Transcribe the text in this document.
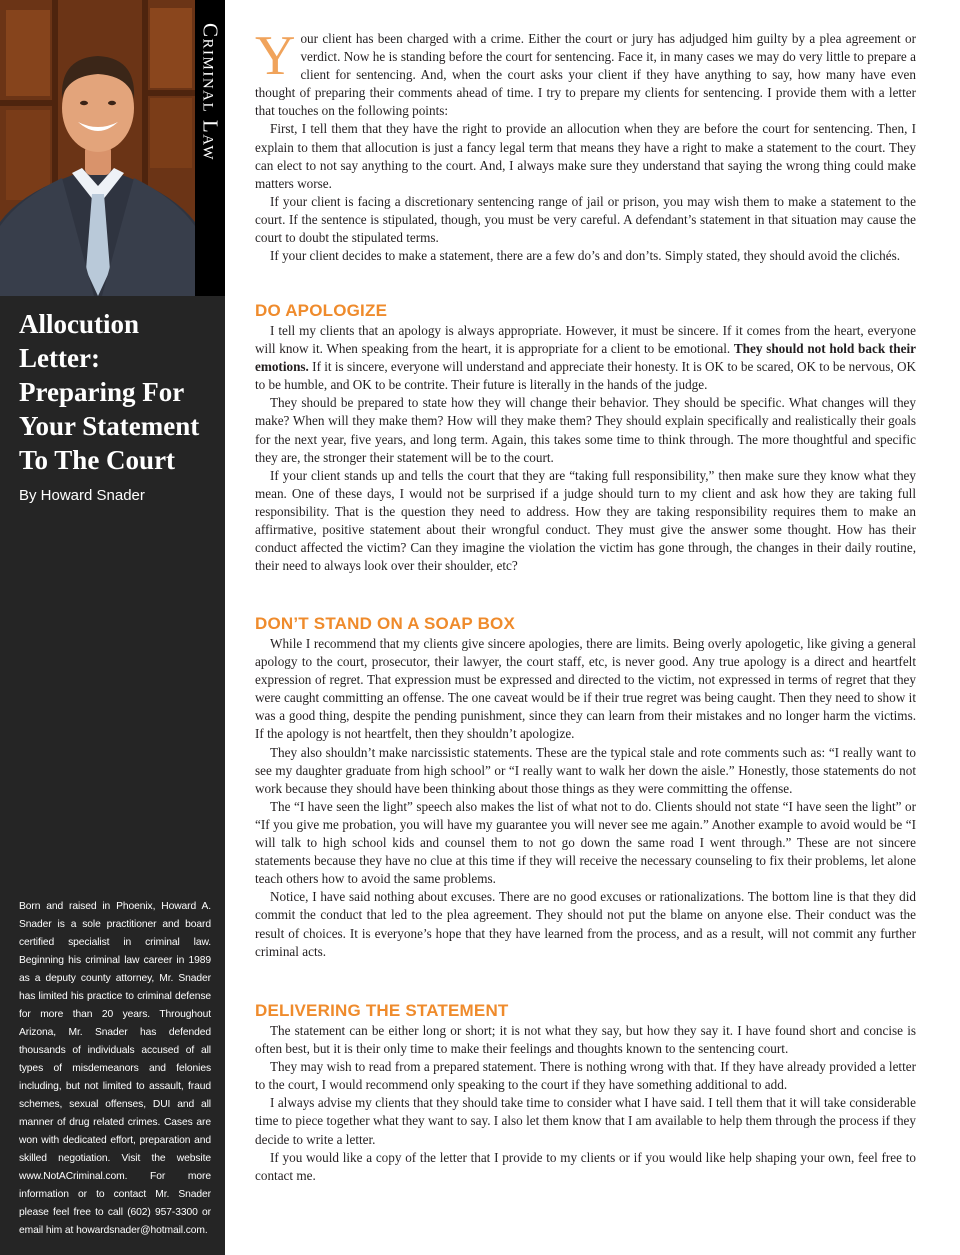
Criminal Law
Allocution Letter: Preparing For Your Statement To The Court
By Howard Snader
Born and raised in Phoenix, Howard A. Snader is a sole practitioner and board certified specialist in criminal law. Beginning his criminal law career in 1989 as a deputy county attorney, Mr. Snader has limited his practice to criminal defense for more than 20 years. Throughout Arizona, Mr. Snader has defended thousands of individuals accused of all types of misdemeanors and felonies including, but not limited to assault, fraud schemes, sexual offenses, DUI and all manner of drug related crimes. Cases are won with dedicated effort, preparation and skilled negotiation. Visit the website www.NotACriminal.com. For more information or to contact Mr. Snader please feel free to call (602) 957-3300 or email him at howardsnader@hotmail.com.

Your client has been charged with a crime. Either the court or jury has adjudged him guilty by a plea agreement or verdict. Now he is standing before the court for sentencing. Face it, in many cases we may do very little to prepare a client for sentencing. And, when the court asks your client if they have anything to say, how many have even thought of preparing their comments ahead of time. I try to prepare my clients for sentencing. I provide them with a letter that touches on the following points:

First, I tell them that they have the right to provide an allocution when they are before the court for sentencing. Then, I explain to them that allocution is just a fancy legal term that means they have a right to make a statement to the court. They can elect to not say anything to the court. And, I always make sure they understand that saying the wrong thing could make matters worse.

If your client is facing a discretionary sentencing range of jail or prison, you may wish them to make a statement to the court. If the sentence is stipulated, though, you must be very careful. A defendant’s statement in that situation may cause the court to doubt the stipulated terms.

If your client decides to make a statement, there are a few do’s and don’ts. Simply stated, they should avoid the clichés.

DO APOLOGIZE

I tell my clients that an apology is always appropriate. However, it must be sincere. If it comes from the heart, everyone will know it. When speaking from the heart, it is appropriate for a client to be emotional. They should not hold back their emotions. If it is sincere, everyone will understand and appreciate their honesty. It is OK to be scared, OK to be nervous, OK to be humble, and OK to be contrite. Their future is literally in the hands of the judge.

They should be prepared to state how they will change their behavior. They should be specific. What changes will they make? When will they make them? How will they make them? They should explain specifically and realistically their goals for the next year, five years, and long term. Again, this takes some time to think through. The more thoughtful and specific they are, the stronger their statement will be to the court.

If your client stands up and tells the court that they are “taking full responsibility,” then make sure they know what they mean. One of these days, I would not be surprised if a judge should turn to my client and ask how they are taking full responsibility. That is the question they need to address. How they are taking responsibility requires them to make an affirmative, positive statement about their wrongful conduct. They must give the answer some thought. How has their conduct affected the victim? Can they imagine the violation the victim has gone through, the changes in their daily routine, their need to always look over their shoulder, etc?

DON’T STAND ON A SOAP BOX

While I recommend that my clients give sincere apologies, there are limits. Being overly apologetic, like giving a general apology to the court, prosecutor, their lawyer, the court staff, etc, is never good. Any true apology is a direct and heartfelt expression of regret. That expression must be expressed and directed to the victim, not expressed in terms of regret that they were caught committing an offense. The one caveat would be if their true regret was being caught. Then they need to show it was a good thing, despite the pending punishment, since they can learn from their mistakes and no longer harm the victims. If the apology is not heartfelt, then they shouldn’t apologize.

They also shouldn’t make narcissistic statements. These are the typical stale and rote comments such as: “I really want to see my daughter graduate from high school” or “I really want to walk her down the aisle.” Honestly, those statements do not work because they should have been thinking about those things as they were committing the offense.

The “I have seen the light” speech also makes the list of what not to do. Clients should not state “I have seen the light” or “If you give me probation, you will have my guarantee you will never see me again.” Another example to avoid would be “I will talk to high school kids and counsel them to not go down the same road I went through.” These are not sincere statements because they have no clue at this time if they will receive the necessary counseling to fix their problems, let alone teach others how to avoid the same problems.

Notice, I have said nothing about excuses. There are no good excuses or rationalizations. The bottom line is that they did commit the conduct that led to the plea agreement. They should not put the blame on anyone else. Their conduct was the result of choices. It is everyone’s hope that they have learned from the process, and as a result, will not commit any further criminal acts.

DELIVERING THE STATEMENT

The statement can be either long or short; it is not what they say, but how they say it. I have found short and concise is often best, but it is their only time to make their feelings and thoughts known to the sentencing court.

They may wish to read from a prepared statement. There is nothing wrong with that. If they have already provided a letter to the court, I would recommend only speaking to the court if they have something additional to add.

I always advise my clients that they should take time to consider what I have said. I tell them that it will take considerable time to piece together what they want to say. I also let them know that I am available to help them through the process if they decide to write a letter.

If you would like a copy of the letter that I provide to my clients or if you would like help shaping your own, feel free to contact me.
